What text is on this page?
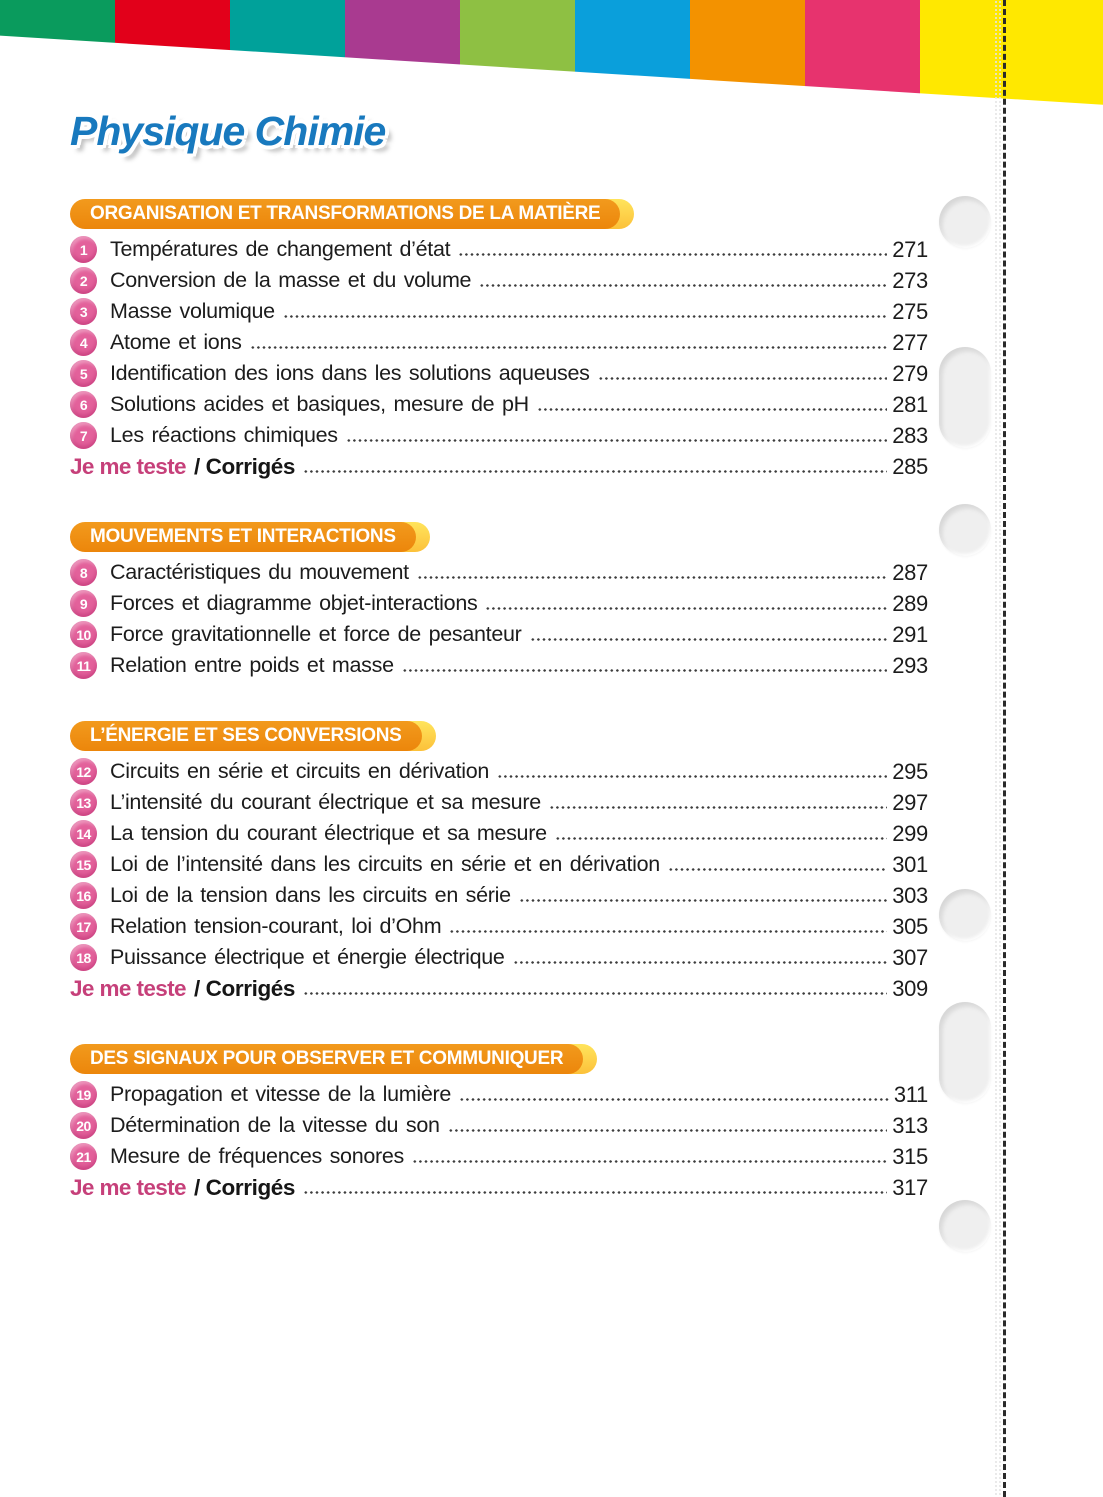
Physique Chimie
ORGANISATION ET TRANSFORMATIONS DE LA MATIÈRE
1	Températures de changement d’état	271
2	Conversion de la masse et du volume	273
3	Masse volumique	275
4	Atome et ions	277
5	Identification des ions dans les solutions aqueuses	279
6	Solutions acides et basiques, mesure de pH	281
7	Les réactions chimiques	283
Je me teste / Corrigés	285
MOUVEMENTS ET INTERACTIONS
8	Caractéristiques du mouvement	287
9	Forces et diagramme objet-interactions	289
10 Force gravitationnelle et force de pesanteur	291
11 Relation entre poids et masse	293
L’ÉNERGIE ET SES CONVERSIONS
12 Circuits en série et circuits en dérivation	295
13 L’intensité du courant électrique et sa mesure	297
14 La tension du courant électrique et sa mesure	299
15 Loi de l’intensité dans les circuits en série et en dérivation	301
16 Loi de la tension dans les circuits en série	303
17 Relation tension-courant, loi d’Ohm	305
18 Puissance électrique et énergie électrique	307
Je me teste / Corrigés	309
DES SIGNAUX POUR OBSERVER ET COMMUNIQUER
19 Propagation et vitesse de la lumière	311
20 Détermination de la vitesse du son	313
21 Mesure de fréquences sonores	315
Je me teste / Corrigés	317
